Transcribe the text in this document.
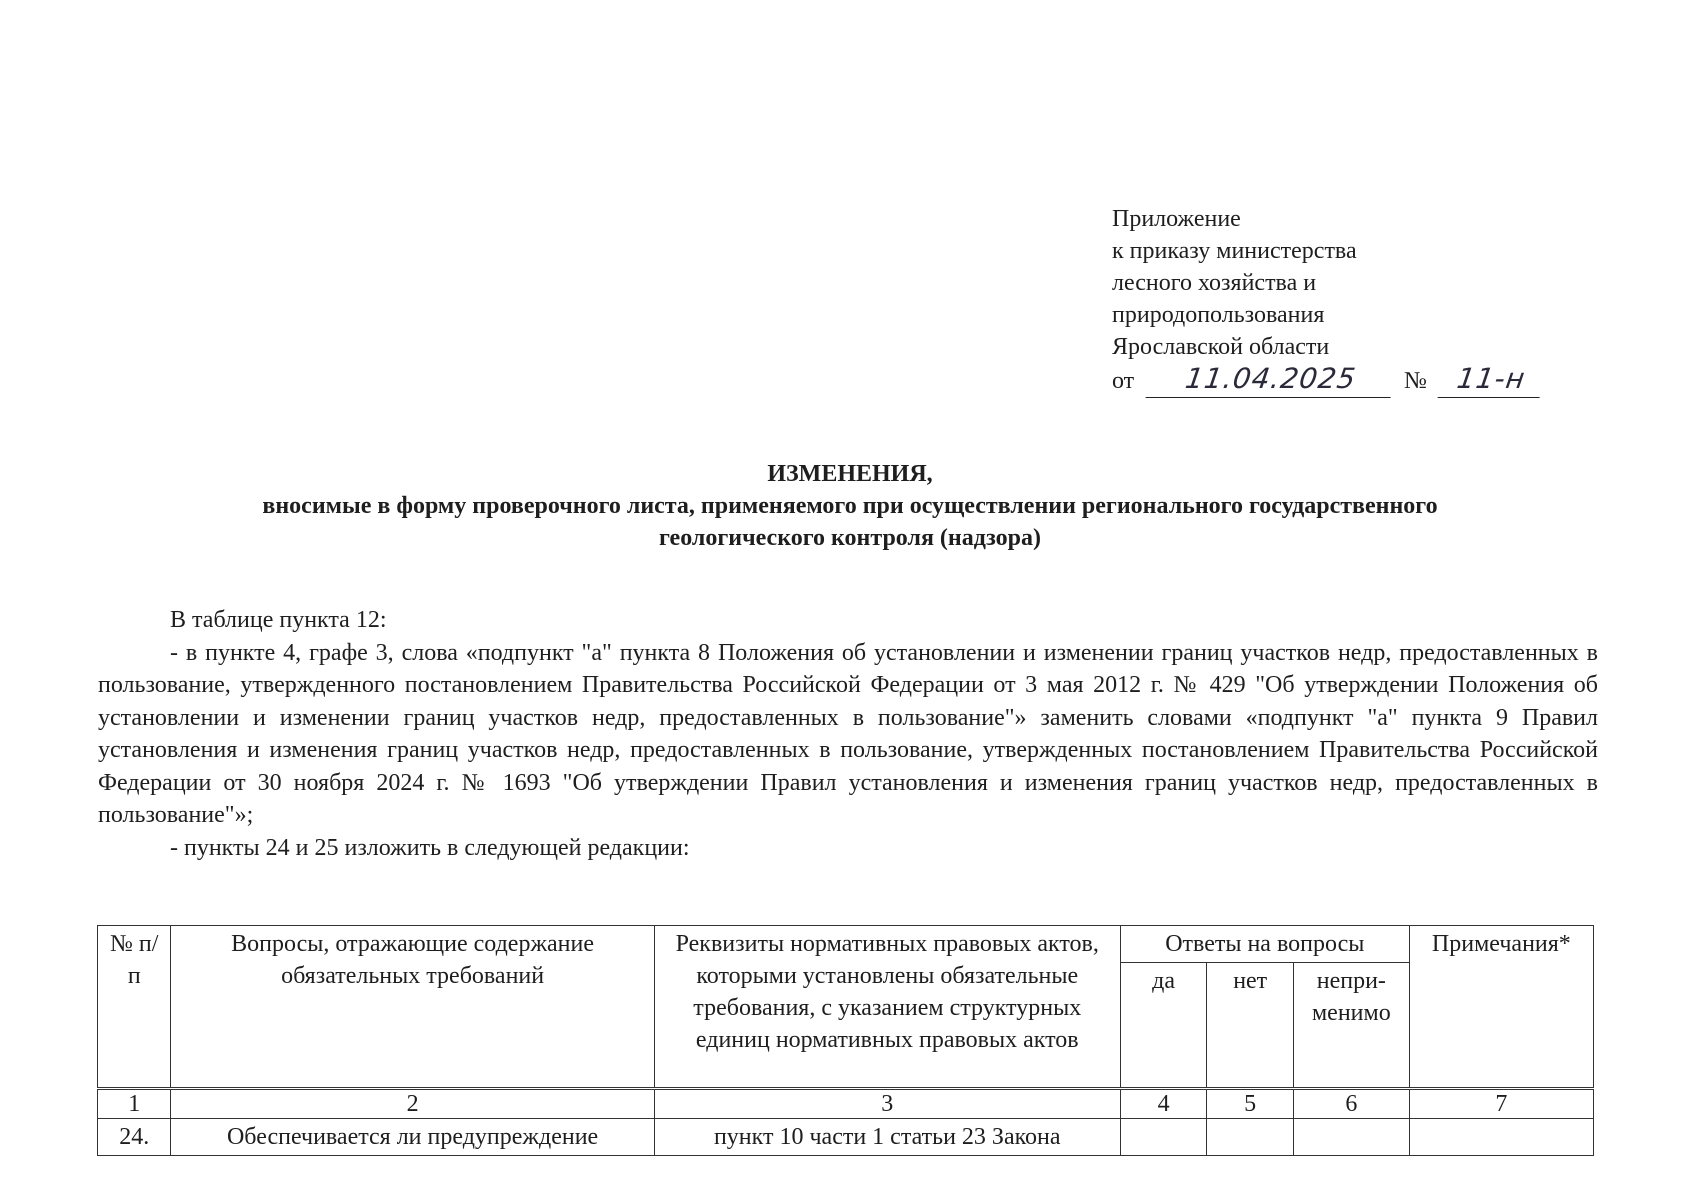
Приложение
к приказу министерства
лесного хозяйства и
природопользования
Ярославской области
от	11.04.2025	№	11-н
ИЗМЕНЕНИЯ,
вносимые в форму проверочного листа, применяемого при осуществлении регионального государственного
геологического контроля (надзора)

В таблице пункта 12:

- в пункте 4, графе 3, слова «подпункт "а" пункта 8 Положения об установлении и изменении границ участков недр, предоставленных в пользование, утвержденного постановлением Правительства Российской Федерации от 3 мая 2012 г. № 429 "Об утверждении Положения об установлении и изменении границ участков недр, предоставленных в пользование"» заменить словами «подпункт "а" пункта 9 Правил установления и изменения границ участков недр, предоставленных в пользование, утвержденных постановлением Правительства Российской Федерации от 30 ноября 2024 г. № 1693 "Об утверждении Правил установления и изменения границ участков недр, предоставленных в пользование"»;

- пункты 24 и 25 изложить в следующей редакции:

№ п/п	Вопросы, отражающие содержание обязательных требований	Реквизиты нормативных правовых актов, которыми установлены обязательные требования, с указанием структурных единиц нормативных правовых актов	Ответы на вопросы			Примечания*
			да	нет	непри-менимо	
1	2	3	4	5	6	7
24.	Обеспечивается ли предупреждение	пункт 10 части 1 статьи 23 Закона				
